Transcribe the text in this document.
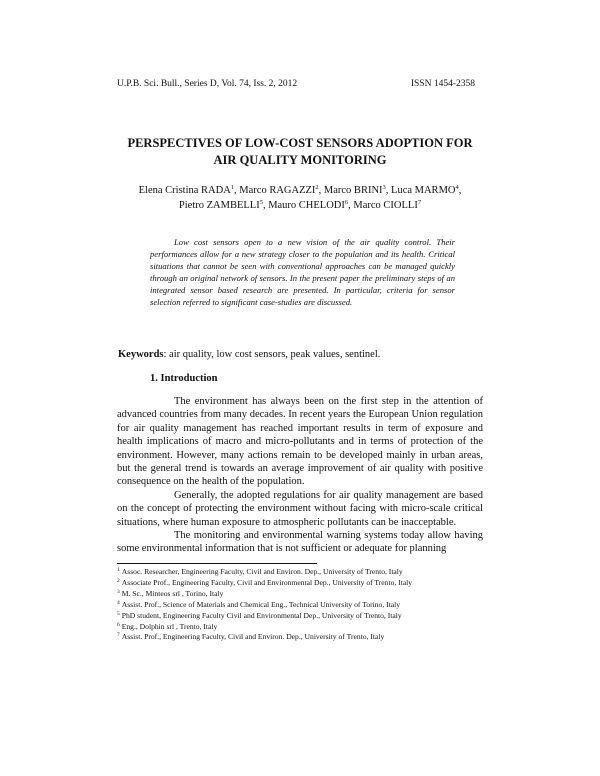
U.P.B. Sci. Bull., Series D, Vol. 74, Iss. 2, 2012	ISSN 1454-2358
PERSPECTIVES OF LOW-COST SENSORS ADOPTION FOR
AIR QUALITY MONITORING
Elena Cristina RADA$^1$, Marco RAGAZZI$^2$, Marco BRINI$^3$, Luca MARMO$^4$,
Pietro ZAMBELLI$^5$, Mauro CHELODI$^6$, Marco CIOLLI$^7$
Low cost sensors open to a new vision of the air quality control. Their performances allow for a new strategy closer to the population and its health. Critical situations that cannot be seen with conventional approaches can be managed quickly through an original network of sensors. In the present paper the preliminary steps of an integrated sensor based research are presented. In particular, criteria for sensor selection referred to significant case-studies are discussed.
Keywords: air quality, low cost sensors, peak values, sentinel.
1. Introduction

The environment has always been on the first step in the attention of advanced countries from many decades. In recent years the European Union regulation for air quality management has reached important results in term of exposure and health implications of macro and micro-pollutants and in terms of protection of the environment. However, many actions remain to be developed mainly in urban areas, but the general trend is towards an average improvement of air quality with positive consequence on the health of the population.

Generally, the adopted regulations for air quality management are based on the concept of protecting the environment without facing with micro-scale critical situations, where human exposure to atmospheric pollutants can be inacceptable.

The monitoring and environmental warning systems today allow having some environmental information that is not sufficient or adequate for planning

$^1$ Assoc. Researcher, Engineering Faculty, Civil and Environ. Dep., University of Trento, Italy
$^2$ Associate Prof., Engineering Faculty, Civil and Environmental Dep., University of Trento, Italy
$^3$ M. Sc., Minteos srl , Torino, Italy
$^4$ Assist. Prof., Science of Materials and Chemical Eng., Technical University of Torino, Italy
$^5$ PhD student, Engineering Faculty Civil and Environmental Dep., University of Trento, Italy
$^6$ Eng., Dolphin srl , Trento, Italy
$^7$ Assist. Prof., Engineering Faculty, Civil and Environ. Dep., University of Trento, Italy
